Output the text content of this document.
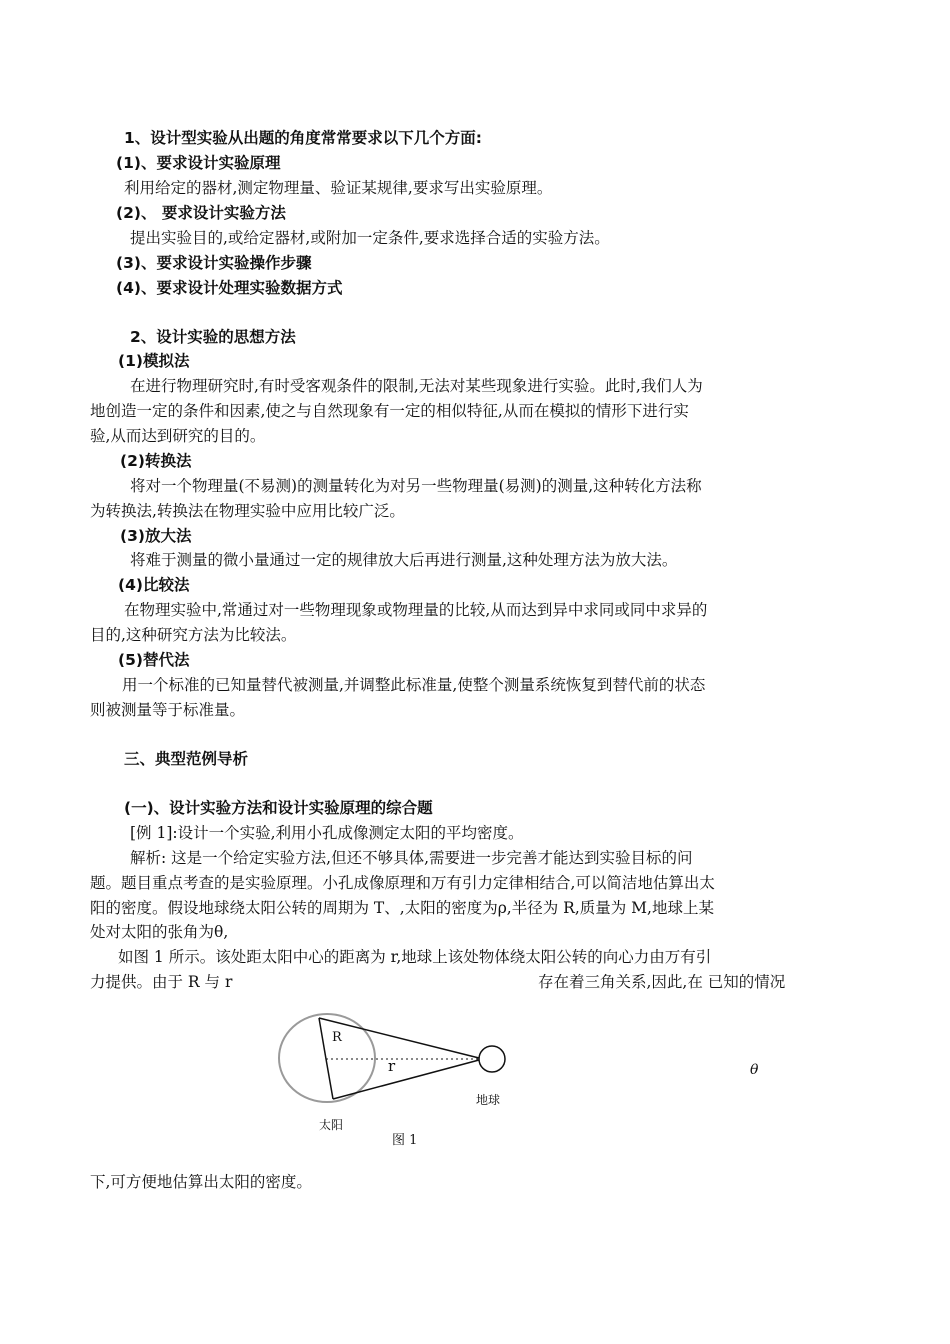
1、设计型实验从出题的角度常常要求以下几个方面:
(1)、要求设计实验原理
利用给定的器材,测定物理量、验证某规律,要求写出实验原理。
(2)、 要求设计实验方法
提出实验目的,或给定器材,或附加一定条件,要求选择合适的实验方法。
(3)、要求设计实验操作步骤
(4)、要求设计处理实验数据方式
2、设计实验的思想方法
(1)模拟法
在进行物理研究时,有时受客观条件的限制,无法对某些现象进行实验。此时,我们人为
地创造一定的条件和因素,使之与自然现象有一定的相似特征,从而在模拟的情形下进行实
验,从而达到研究的目的。
(2)转换法
将对一个物理量(不易测)的测量转化为对另一些物理量(易测)的测量,这种转化方法称
为转换法,转换法在物理实验中应用比较广泛。
(3)放大法
将难于测量的微小量通过一定的规律放大后再进行测量,这种处理方法为放大法。
(4)比较法
在物理实验中,常通过对一些物理现象或物理量的比较,从而达到异中求同或同中求异的
目的,这种研究方法为比较法。
(5)替代法
用一个标准的已知量替代被测量,并调整此标准量,使整个测量系统恢复到替代前的状态
则被测量等于标准量。
三、典型范例导析
(一)、设计实验方法和设计实验原理的综合题
[例 1]:设计一个实验,利用小孔成像测定太阳的平均密度。
解析: 这是一个给定实验方法,但还不够具体,需要进一步完善才能达到实验目标的问
题。题目重点考查的是实验原理。小孔成像原理和万有引力定律相结合,可以简洁地估算出太
阳的密度。假设地球绕太阳公转的周期为 T、,太阳的密度为ρ,半径为 R,质量为 M,地球上某
处对太阳的张角为θ,
如图 1 所示。该处距太阳中心的距离为 r,地球上该处物体绕太阳公转的向心力由万有引
力提供。由于 R 与 r	存在着三角关系,因此,在 已知的情况
R
r
地球
太阳
图 1
θ
下,可方便地估算出太阳的密度。
